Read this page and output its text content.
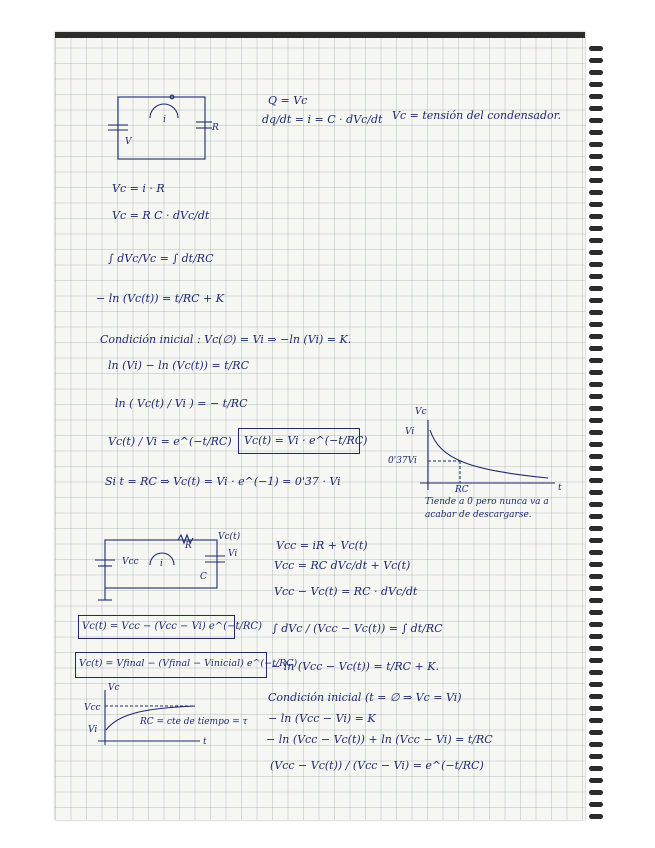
Q = Vc
dq/dt = i = C · dVc/dt Vc = tensión del condensador.
i
V
R
Vc = i · R
Vc = R C · dVc/dt
∫ dVc/Vc = ∫ dt/RC
− ln (Vc(t)) = t/RC + K
Condición inicial : Vc(∅) = Vi ⇒ −ln (Vi) = K.
ln (Vi) − ln (Vc(t)) = t/RC
ln ( Vc(t) / Vi ) = − t/RC
Vc(t) / Vi = e^(−t/RC) Vc(t) = Vi · e^(−t/RC)
Si t = RC ⇒ Vc(t) = Vi · e^(−1) = 0'37 · Vi
Vc
Vi
0'37Vi
RC	t
Tiende a 0 pero nunca va a acabar de descargarse.
R
Vc(t)
Vi
Vcc i
C
Vcc = iR + Vc(t)
Vcc = RC dVc/dt + Vc(t)
Vcc − Vc(t) = RC · dVc/dt
∫ dVc / (Vcc − Vc(t)) = ∫ dt/RC
− ln (Vcc − Vc(t)) = t/RC + K.
Condición inicial (t = ∅ ⇒ Vc = Vi)
− ln (Vcc − Vi) = K
− ln (Vcc − Vc(t)) + ln (Vcc − Vi) = t/RC
(Vcc − Vc(t)) / (Vcc − Vi) = e^(−t/RC)
Vc(t) = Vcc − (Vcc − Vi) e^(−t/RC)
Vc(t) = Vfinal − (Vfinal − Vinicial) e^(−t/RC)
Vc
Vcc
Vi
t
RC = cte de tiempo = τ
